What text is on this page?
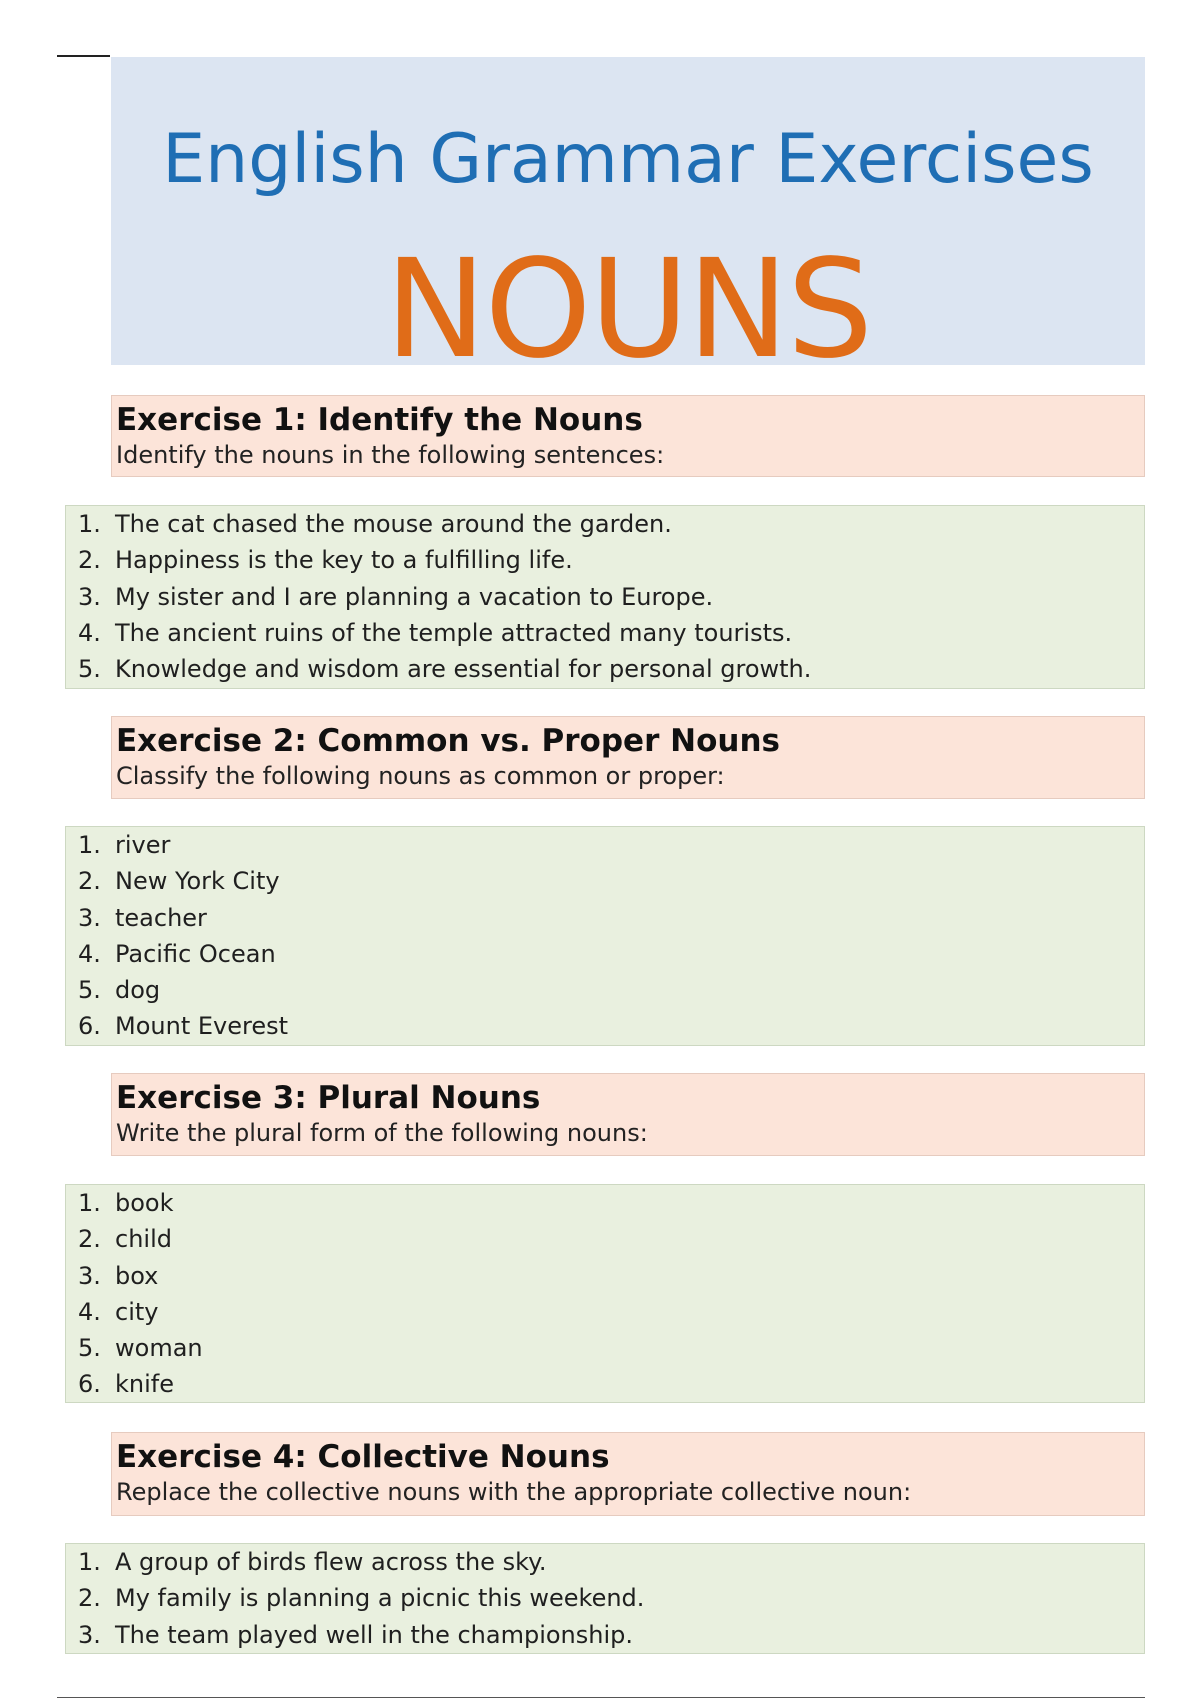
English Grammar Exercises
NOUNS
Exercise 1: Identify the Nouns
Identify the nouns in the following sentences:
1. The cat chased the mouse around the garden.
2. Happiness is the key to a fulfilling life.
3. My sister and I are planning a vacation to Europe.
4. The ancient ruins of the temple attracted many tourists.
5. Knowledge and wisdom are essential for personal growth.
Exercise 2: Common vs. Proper Nouns
Classify the following nouns as common or proper:
1. river
2. New York City
3. teacher
4. Pacific Ocean
5. dog
6. Mount Everest
Exercise 3: Plural Nouns
Write the plural form of the following nouns:
1. book
2. child
3. box
4. city
5. woman
6. knife
Exercise 4: Collective Nouns
Replace the collective nouns with the appropriate collective noun:
1. A group of birds flew across the sky.
2. My family is planning a picnic this weekend.
3. The team played well in the championship.
